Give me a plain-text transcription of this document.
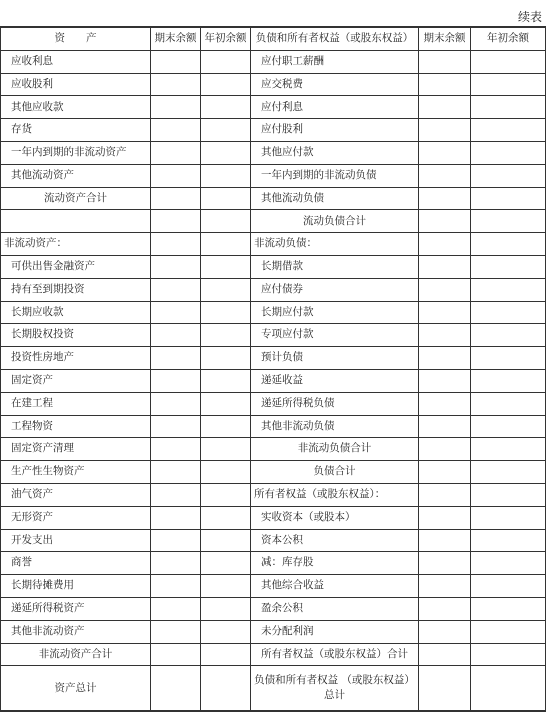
续表
资　　产	期末余额	年初余额	负债和所有者权益（或股东权益）	期末余额	年初余额
应收利息			应付职工薪酬		
应收股利			应交税费		
其他应收款			应付利息		
存货			应付股利		
一年内到期的非流动资产			其他应付款		
其他流动资产			一年内到期的非流动负债		
流动资产合计			其他流动负债		
			流动负债合计		
非流动资产：			非流动负债：		
可供出售金融资产			长期借款		
持有至到期投资			应付债券		
长期应收款			长期应付款		
长期股权投资			专项应付款		
投资性房地产			预计负债		
固定资产			递延收益		
在建工程			递延所得税负债		
工程物资			其他非流动负债		
固定资产清理			非流动负债合计		
生产性生物资产			负债合计		
油气资产			所有者权益（或股东权益）：		
无形资产			实收资本（或股本）		
开发支出			资本公积		
商誉			减：库存股		
长期待摊费用			其他综合收益		
递延所得税资产			盈余公积		
其他非流动资产			未分配利润		
非流动资产合计			所有者权益（或股东权益）合计		
资产总计			负债和所有者权益 （或股东权益）总计		
